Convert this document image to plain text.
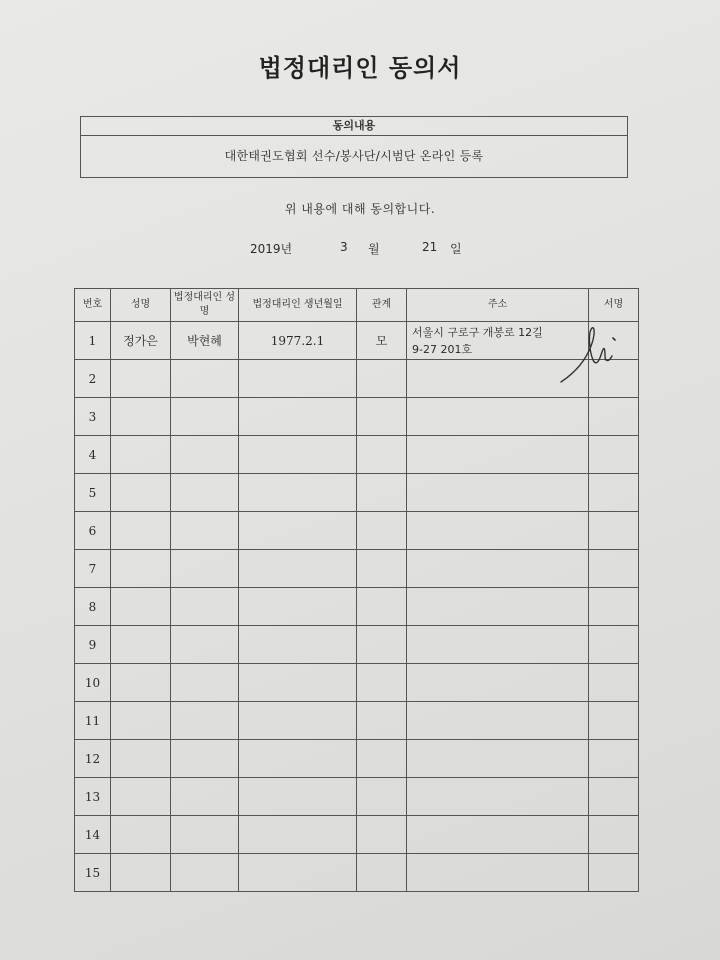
법정대리인 동의서
동의내용
대한태권도협회 선수/봉사단/시범단 온라인 등록
위 내용에 대해 동의합니다.
2019년	3 월	21 일
번호	성명	법정대리인 성명	법정대리인 생년월일	관계	주소	서명
1	정가은	박현혜	1977.2.1	모	서울시 구로구 개봉로 12길
9-27 201호	

2						
3						
4						
5						
6						
7						
8						
9						
10						
11						
12						
13						
14						
15						
